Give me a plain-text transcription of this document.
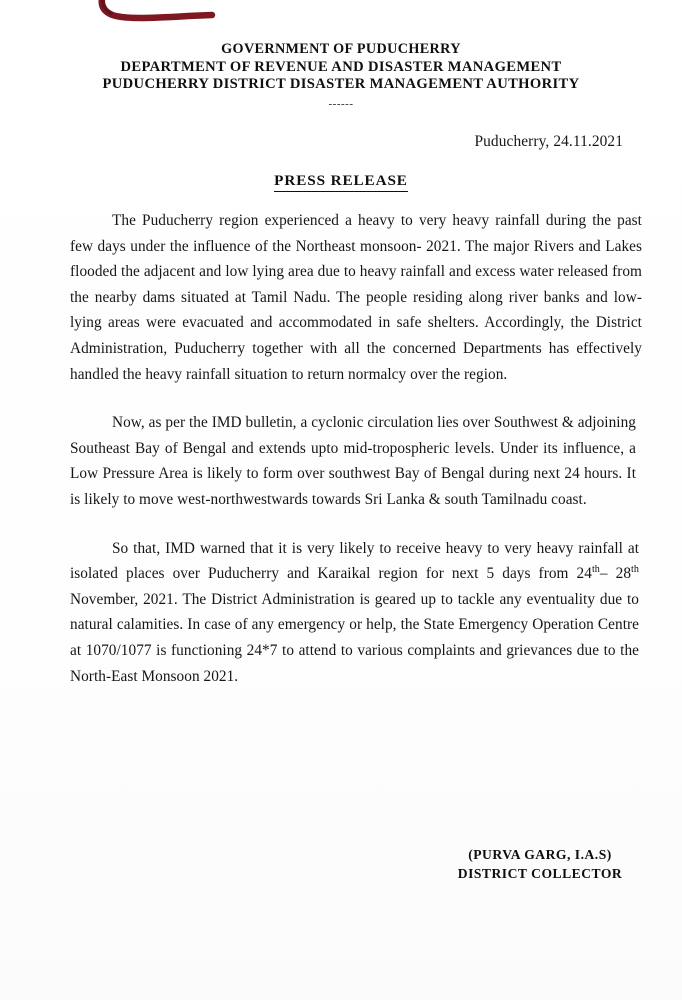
GOVERNMENT OF PUDUCHERRY
DEPARTMENT OF REVENUE AND DISASTER MANAGEMENT
PUDUCHERRY DISTRICT DISASTER MANAGEMENT AUTHORITY
------
Puducherry, 24.11.2021
PRESS RELEASE

The Puducherry region experienced a heavy to very heavy rainfall during the past few days under the influence of the Northeast monsoon- 2021. The major Rivers and Lakes flooded the adjacent and low lying area due to heavy rainfall and excess water released from the nearby dams situated at Tamil Nadu. The people residing along river banks and low-lying areas were evacuated and accommodated in safe shelters. Accordingly, the District Administration, Puducherry together with all the concerned Departments has effectively handled the heavy rainfall situation to return normalcy over the region.

Now, as per the IMD bulletin, a cyclonic circulation lies over Southwest & adjoining Southeast Bay of Bengal and extends upto mid-tropospheric levels. Under its influence, a Low Pressure Area is likely to form over southwest Bay of Bengal during next 24 hours. It is likely to move west-northwestwards towards Sri Lanka & south Tamilnadu coast.

So that, IMD warned that it is very likely to receive heavy to very heavy rainfall at isolated places over Puducherry and Karaikal region for next 5 days from 24th– 28th November, 2021. The District Administration is geared up to tackle any eventuality due to natural calamities. In case of any emergency or help, the State Emergency Operation Centre at 1070/1077 is functioning 24*7 to attend to various complaints and grievances due to the North-East Monsoon 2021.

(PURVA GARG, I.A.S)
DISTRICT COLLECTOR
